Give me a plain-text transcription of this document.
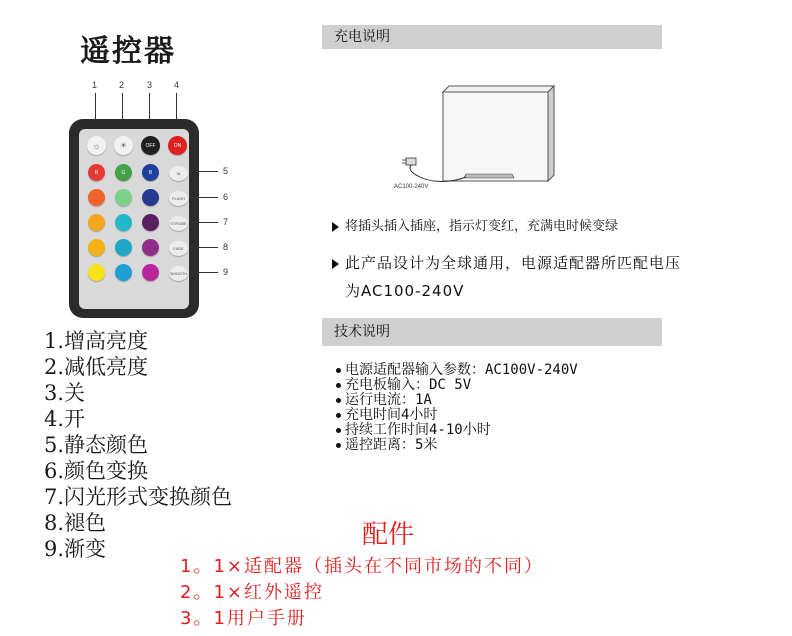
遥控器
1 2	3 4
☼ ☀	OFF	ON
R	G	B	W
FLASH
STROBE
FADE
SMOOTH
5
6
7
8
9
1.增高亮度
2.减低亮度
3.关
4.开
5.静态颜色
6.颜色变换
7.闪光形式变换颜色
8.褪色
9.渐变
充电说明
AC100-240V
将插头插入插座，指示灯变红，充满电时候变绿
此产品设计为全球通用，电源适配器所匹配电压
为AC100-240V
技术说明
电源适配器输入参数：AC100V-240V
充电板输入：DC 5V
运行电流：1A
充电时间4小时
持续工作时间4-10小时
遥控距离：5米
配件
1。1×适配器（插头在不同市场的不同）
2。1×红外遥控
3。1用户手册
